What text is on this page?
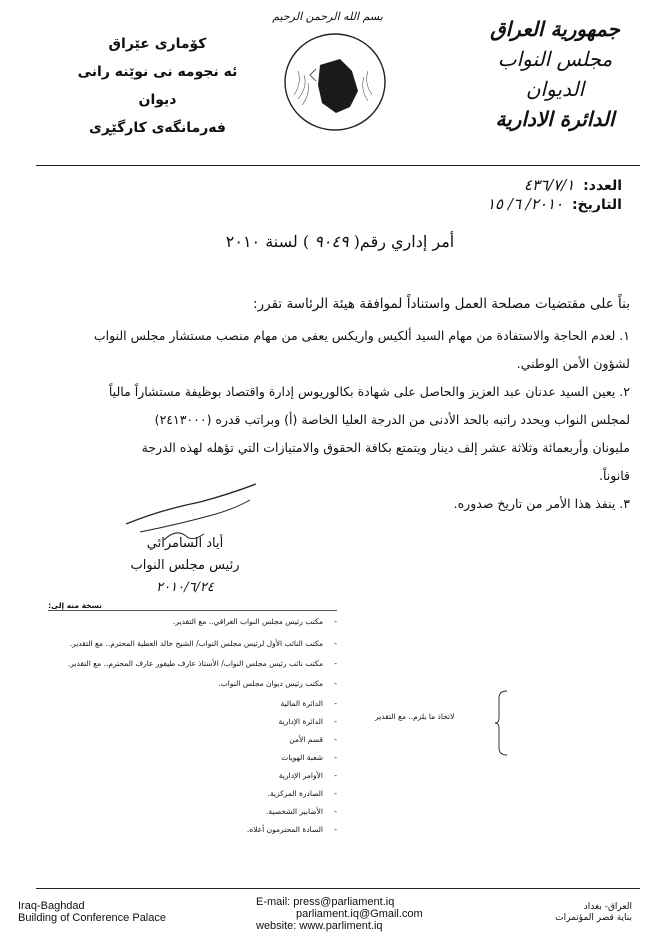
کۆماری عێراق
ئه نجومه نی نوێنه رانی
دیوان
فەرمانگەی کارگێڕی
بسم الله الرحمن الرحيم
جمهورية العراق
مجلس النواب
الديوان
الدائرة الادارية
العدد: ٤٣٦/٧/١
التاريخ: ٢٠١٠/ ٦/ ١٥
أمر إداري رقم( ٩٠٤٩ ) لسنة ٢٠١٠

بناً على مقتضيات مصلحة العمل واستناداً لموافقة هيئة الرئاسة تقرر:

١. لعدم الحاجة والاستفادة من مهام السيد ألكيس واريكس يعفى من مهام منصب مستشار مجلس النواب

لشؤون الأمن الوطني.

٢. يعين السيد عدنان عبد العزيز والحاصل على شهادة بكالوريوس إدارة واقتصاد بوظيفة مستشاراً مالياً

لمجلس النواب ويحدد راتبه بالحد الأدنى من الدرجة العليا الخاصة (أ) وبراتب قدره (٢٤١٣٠٠٠)

مليونان وأربعمائة وثلاثة عشر إلف دينار ويتمتع بكافة الحقوق والامتيازات التي تؤهله لهذه الدرجة

قانوناً.

٣. ينفذ هذا الأمر من تاريخ صدوره.

أياد السامرائي
رئيس مجلس النواب
٢٠١٠/٦/٢٤
نسخة منه إلى:
-مكتب رئيس مجلس النواب العراقي.. مع التقدير.
-مكتب النائب الأول لرئيس مجلس النواب/ الشيخ خالد العطية المحترم.. مع التقدير.
-مكتب نائب رئيس مجلس النواب/ الأستاذ عارف طيفور عارف المحترم.. مع التقدير.
-مكتب رئيس ديوان مجلس النواب.
-الدائرة المالية
-الدائرة الإدارية
-قسم الأمن
-شعبة الهويات
-الأوامر الإدارية
-الصادرة المركزية.
-الأضابير الشخصية.
-السادة المحترمون أعلاه.
لاتخاذ ما يلزم.. مع التقدير
Iraq-Baghdad
Building of Conference Palace
E-mail: press@parliament.iq
parliament.iq@Gmail.com
website: www.parliment.iq
العراق- بغداد
بناية قصر المؤتمرات
